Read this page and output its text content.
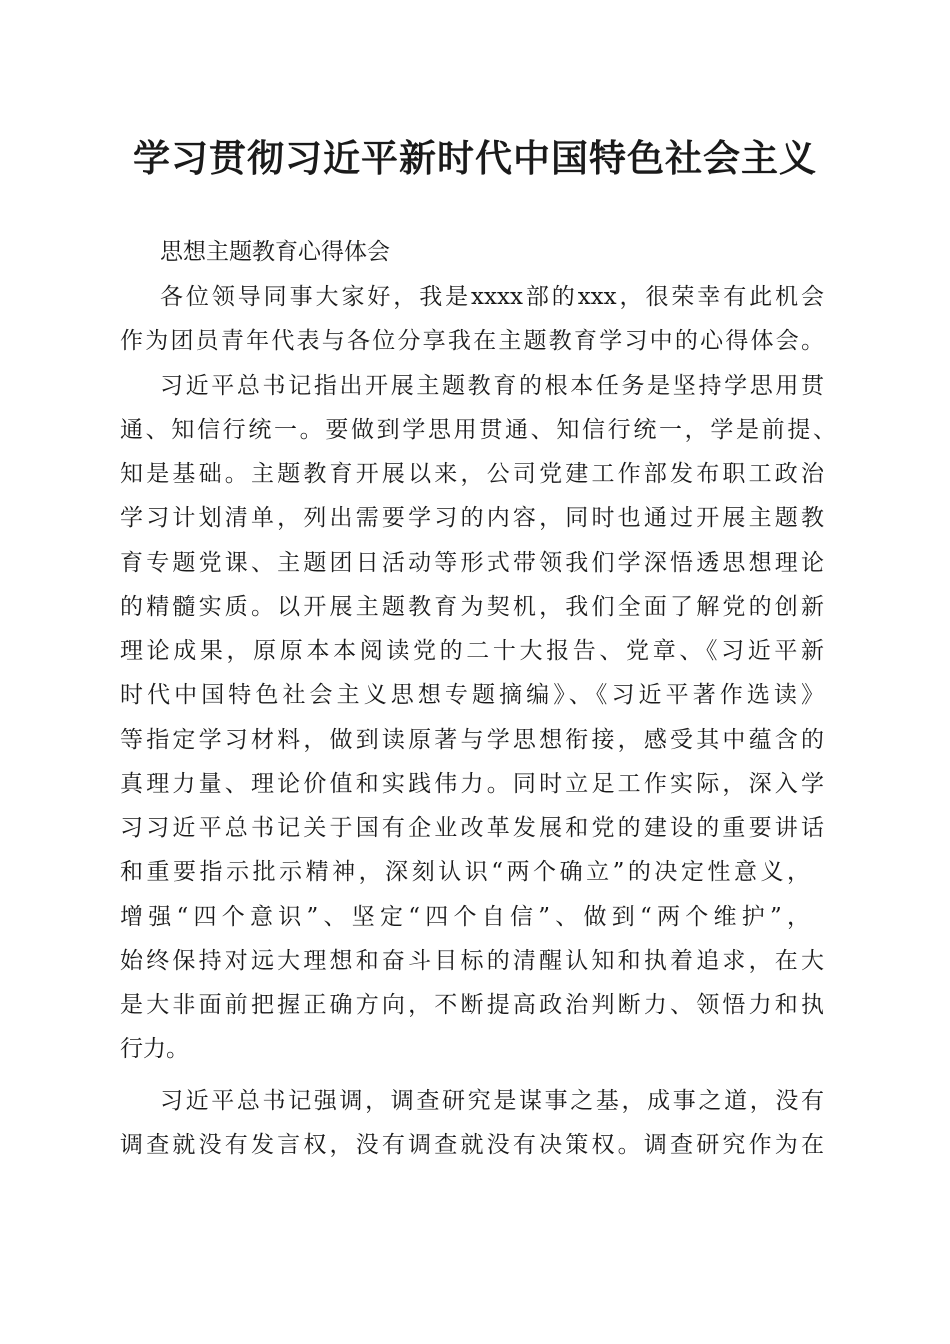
学习贯彻习近平新时代中国特色社会主义

思想主题教育心得体会

各位领导同事大家好，我是xxxx部的xxx，很荣幸有此机会

作为团员青年代表与各位分享我在主题教育学习中的心得体会。

习近平总书记指出开展主题教育的根本任务是坚持学思用贯

通、知信行统一。要做到学思用贯通、知信行统一，学是前提、

知是基础。主题教育开展以来，公司党建工作部发布职工政治

学习计划清单，列出需要学习的内容，同时也通过开展主题教

育专题党课、主题团日活动等形式带领我们学深悟透思想理论

的精髓实质。以开展主题教育为契机，我们全面了解党的创新

理论成果，原原本本阅读党的二十大报告、党章、《习近平新

时代中国特色社会主义思想专题摘编》、《习近平著作选读》

等指定学习材料，做到读原著与学思想衔接，感受其中蕴含的

真理力量、理论价值和实践伟力。同时立足工作实际，深入学

习习近平总书记关于国有企业改革发展和党的建设的重要讲话

和重要指示批示精神，深刻认识“两个确立”的决定性意义，

增强“四个意识”、坚定“四个自信”、做到“两个维护”，

始终保持对远大理想和奋斗目标的清醒认知和执着追求，在大

是大非面前把握正确方向，不断提高政治判断力、领悟力和执

行力。

习近平总书记强调，调查研究是谋事之基，成事之道，没有

调查就没有发言权，没有调查就没有决策权。调查研究作为在
